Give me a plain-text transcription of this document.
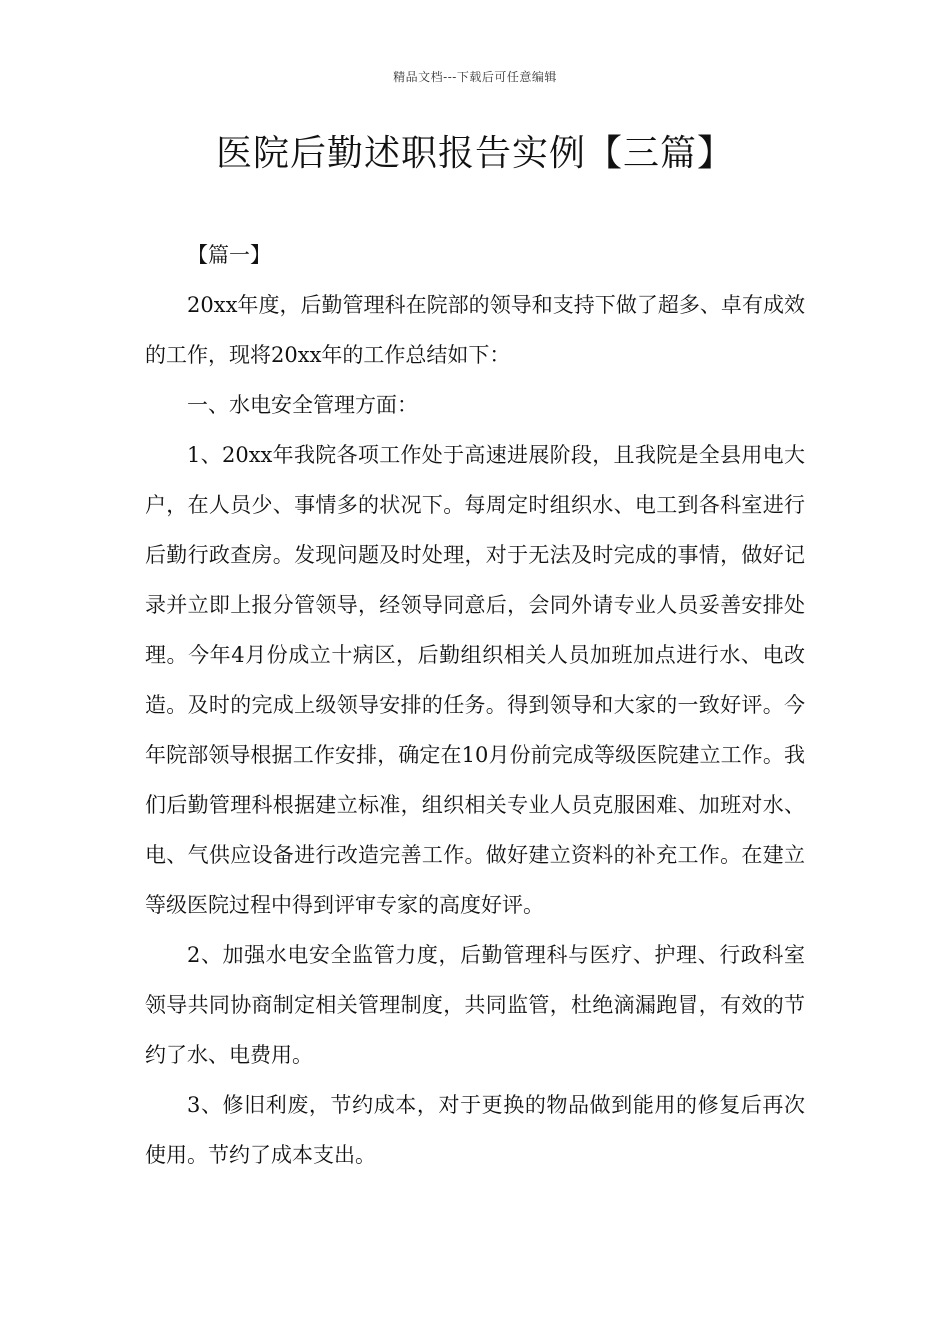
精品文档---下载后可任意编辑
医院后勤述职报告实例【三篇】

【篇一】

20xx年度，后勤管理科在院部的领导和支持下做了超多、卓有成效的工作，现将20xx年的工作总结如下：

一、水电安全管理方面：

1、20xx年我院各项工作处于高速进展阶段，且我院是全县用电大户，在人员少、事情多的状况下。每周定时组织水、电工到各科室进行后勤行政查房。发现问题及时处理，对于无法及时完成的事情，做好记录并立即上报分管领导，经领导同意后，会同外请专业人员妥善安排处理。今年4月份成立十病区，后勤组织相关人员加班加点进行水、电改造。及时的完成上级领导安排的任务。得到领导和大家的一致好评。今年院部领导根据工作安排，确定在10月份前完成等级医院建立工作。我们后勤管理科根据建立标准，组织相关专业人员克服困难、加班对水、电、气供应设备进行改造完善工作。做好建立资料的补充工作。在建立等级医院过程中得到评审专家的高度好评。

2、加强水电安全监管力度，后勤管理科与医疗、护理、行政科室领导共同协商制定相关管理制度，共同监管，杜绝滴漏跑冒，有效的节约了水、电费用。

3、修旧利废，节约成本，对于更换的物品做到能用的修复后再次使用。节约了成本支出。
